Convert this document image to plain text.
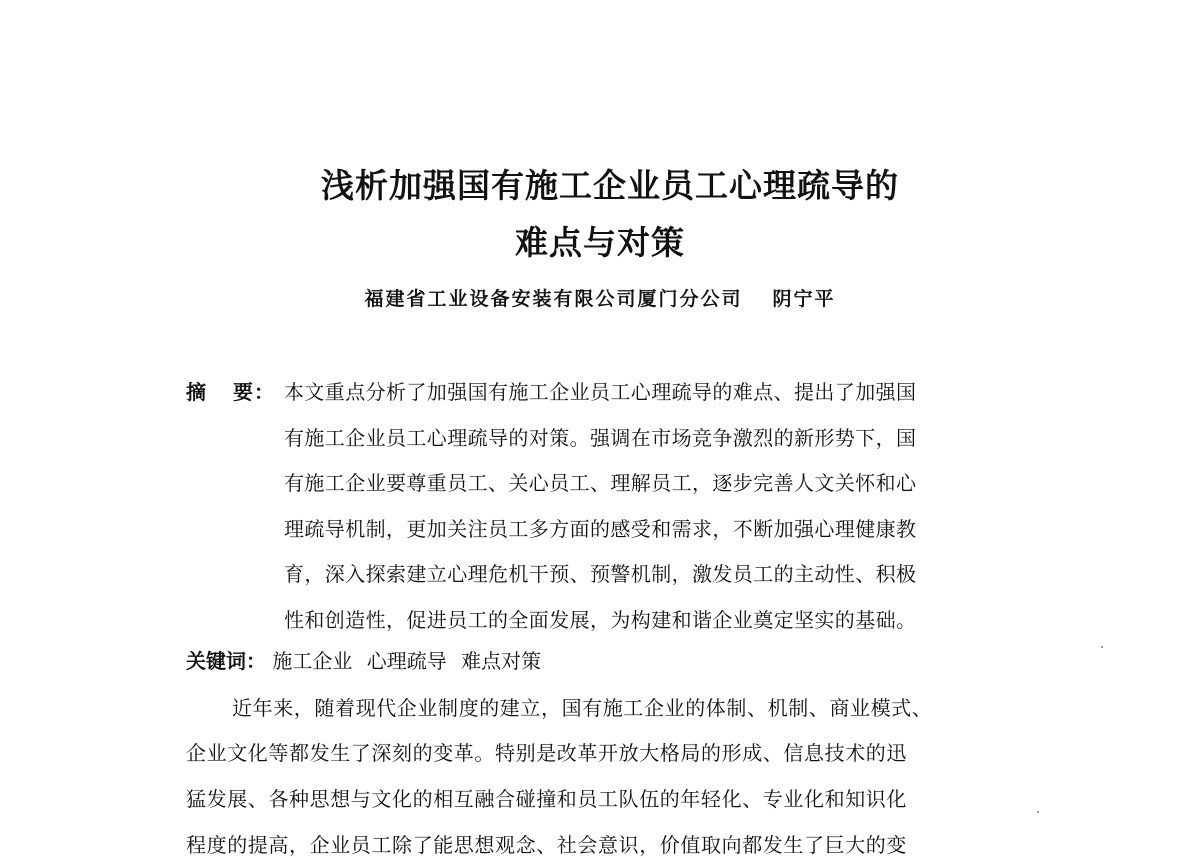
浅析加强国有施工企业员工心理疏导的
难点与对策
福建省工业设备安装有限公司厦门分公司 阴宁平
摘 要： 本文重点分析了加强国有施工企业员工心理疏导的难点、提出了加强国
有施工企业员工心理疏导的对策。强调在市场竞争激烈的新形势下，国
有施工企业要尊重员工、关心员工、理解员工，逐步完善人文关怀和心
理疏导机制，更加关注员工多方面的感受和需求，不断加强心理健康教
育，深入探索建立心理危机干预、预警机制，激发员工的主动性、积极
性和创造性，促进员工的全面发展，为构建和谐企业奠定坚实的基础。
关键词： 施工企业 心理疏导 难点对策
近年来，随着现代企业制度的建立，国有施工企业的体制、机制、商业模式、
企业文化等都发生了深刻的变革。特别是改革开放大格局的形成、信息技术的迅
猛发展、各种思想与文化的相互融合碰撞和员工队伍的年轻化、专业化和知识化
程度的提高，企业员工除了能思想观念、社会意识，价值取向都发生了巨大的变
